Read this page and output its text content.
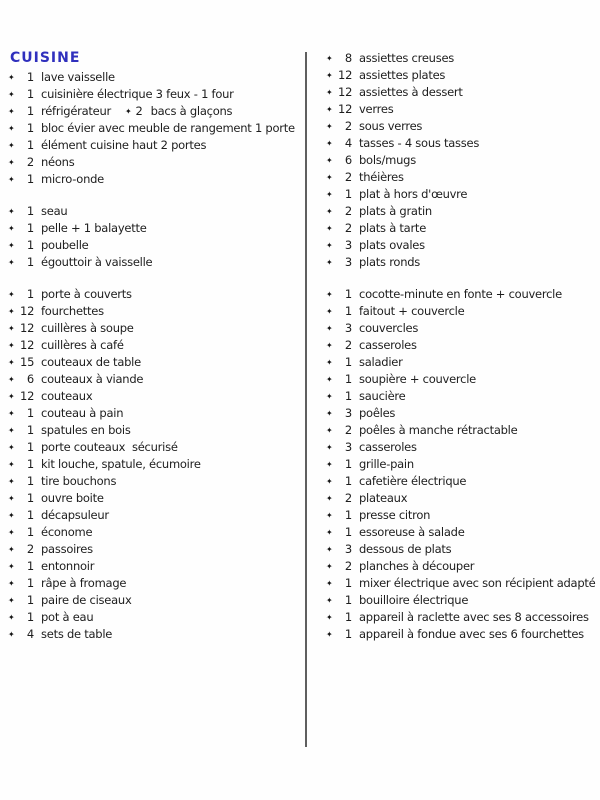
CUISINE
✦	1 lave vaisselle
✦	1 cuisinière électrique 3 feux - 1 four
✦	1 réfrigérateur ✦ 2 bacs à glaçons
✦	1 bloc évier avec meuble de rangement 1 porte
✦	1 élément cuisine haut 2 portes
✦	2 néons
✦	1 micro-onde
✦	1 seau
✦	1 pelle + 1 balayette
✦	1 poubelle
✦	1 égouttoir à vaisselle
✦	1 porte à couverts
✦ 12 fourchettes
✦ 12 cuillères à soupe
✦ 12 cuillères à café
✦ 15 couteaux de table
✦	6 couteaux à viande
✦ 12 couteaux
✦	1 couteau à pain
✦	1 spatules en bois
✦	1 porte couteaux  sécurisé
✦	1 kit louche, spatule, écumoire
✦	1 tire bouchons
✦	1 ouvre boite
✦	1 décapsuleur
✦	1 économe
✦	2 passoires
✦	1 entonnoir
✦	1 râpe à fromage
✦	1 paire de ciseaux
✦	1 pot à eau
✦	4 sets de table
✦	8 assiettes creuses
✦ 12 assiettes plates
✦ 12 assiettes à dessert
✦ 12 verres
✦	2 sous verres
✦	4 tasses - 4 sous tasses
✦	6 bols/mugs
✦	2 théières
✦	1 plat à hors d'œuvre
✦	2 plats à gratin
✦	2 plats à tarte
✦	3 plats ovales
✦	3 plats ronds
✦	1 cocotte-minute en fonte + couvercle
✦	1 faitout + couvercle
✦	3 couvercles
✦	2 casseroles
✦	1 saladier
✦	1 soupière + couvercle
✦	1 saucière
✦	3 poêles
✦	2 poêles à manche rétractable
✦	3 casseroles
✦	1 grille-pain
✦	1 cafetière électrique
✦	2 plateaux
✦	1 presse citron
✦	1 essoreuse à salade
✦	3 dessous de plats
✦	2 planches à découper
✦	1 mixer électrique avec son récipient adapté
✦	1 bouilloire électrique
✦	1 appareil à raclette avec ses 8 accessoires
✦	1 appareil à fondue avec ses 6 fourchettes
